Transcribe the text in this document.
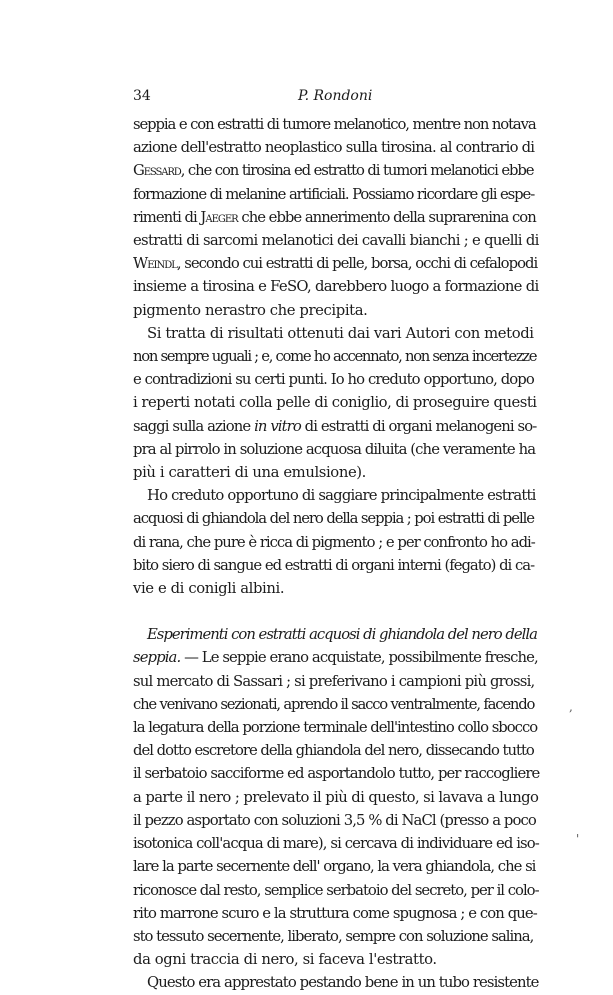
34	P. Rondoni
seppia e con estratti di tumore melanotico, mentre non notava
azione dell'estratto neoplastico sulla tirosina. al contrario di
Gessard, che con tirosina ed estratto di tumori melanotici ebbe
formazione di melanine artificiali. Possiamo ricordare gli espe-
rimenti di Jaeger che ebbe annerimento della suprarenina con
estratti di sarcomi melanotici dei cavalli bianchi ; e quelli di
Weindl, secondo cui estratti di pelle, borsa, occhi di cefalopodi
insieme a tirosina e FeSO, darebbero luogo a formazione di
pigmento nerastro che precipita.
Si tratta di risultati ottenuti dai vari Autori con metodi
non sempre uguali ; e, come ho accennato, non senza incertezze
e contradizioni su certi punti. Io ho creduto opportuno, dopo
i reperti notati colla pelle di coniglio, di proseguire questi
saggi sulla azione in vitro di estratti di organi melanogeni so-
pra al pirrolo in soluzione acquosa diluita (che veramente ha
più i caratteri di una emulsione).
Ho creduto opportuno di saggiare principalmente estratti
acquosi di ghiandola del nero della seppia ; poi estratti di pelle
di rana, che pure è ricca di pigmento ; e per confronto ho adi-
bito siero di sangue ed estratti di organi interni (fegato) di ca-
vie e di conigli albini.
Esperimenti con estratti acquosi di ghiandola del nero della
seppia. — Le seppie erano acquistate, possibilmente fresche,
sul mercato di Sassari ; si preferivano i campioni più grossi,
che venivano sezionati, aprendo il sacco ventralmente, facendo
la legatura della porzione terminale dell'intestino collo sbocco
del dotto escretore della ghiandola del nero, dissecando tutto
il serbatoio sacciforme ed asportandolo tutto, per raccogliere
a parte il nero ; prelevato il più di questo, si lavava a lungo
il pezzo asportato con soluzioni 3,5 % di NaCl (presso a poco
isotonica coll'acqua di mare), si cercava di individuare ed iso-
lare la parte secernente dell' organo, la vera ghiandola, che si
riconosce dal resto, semplice serbatoio del secreto, per il colo-
rito marrone scuro e la struttura come spugnosa ; e con que-
sto tessuto secernente, liberato, sempre con soluzione salina,
da ogni traccia di nero, si faceva l'estratto.
Questo era apprestato pestando bene in un tubo resistente
,
'
